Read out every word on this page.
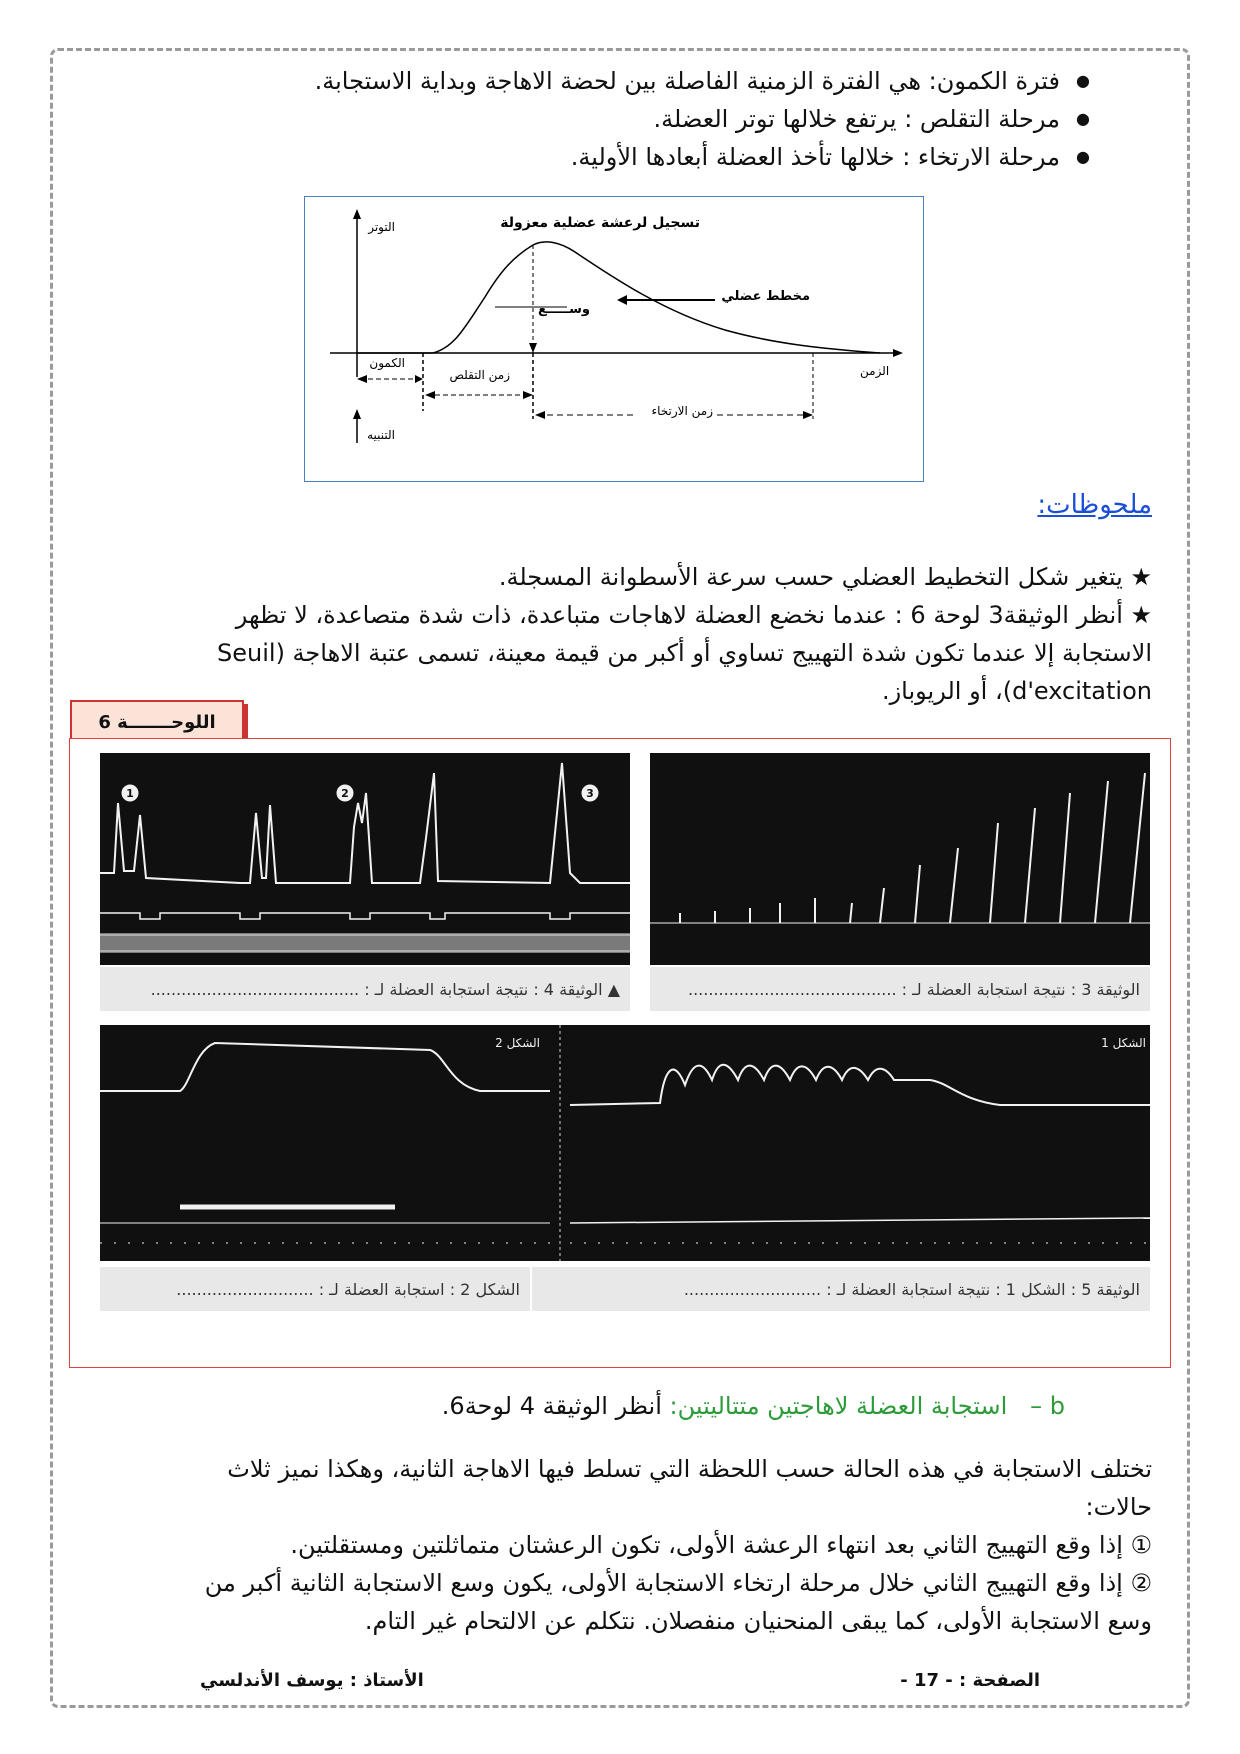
● فترة الكمون: هي الفترة الزمنية الفاصلة بين لحضة الاهاجة وبداية الاستجابة.
● مرحلة التقلص : يرتفع خلالها توتر العضلة.
● مرحلة الارتخاء : خلالها تأخذ العضلة أبعادها الأولية.
تسجيل لرعشة عضلية معزولة
التوتر
الزمن
وســـــع
مخطط عضلي
الكمون
زمن التقلص
زمن الارتخاء
التنبيه
ملحوظات:
★ يتغير شكل التخطيط العضلي حسب سرعة الأسطوانة المسجلة.
★ أنظر الوثيقة3 لوحة 6 : عندما نخضع العضلة لاهاجات متباعدة، ذات شدة متصاعدة، لا تظهر
الاستجابة إلا عندما تكون شدة التهييج تساوي أو أكبر من قيمة معينة، تسمى عتبة الاهاجة (Seuil
d'excitation)، أو الريوباز.
اللوحـــــــة 6
1	2	3
▲ الوثيقة 4 : نتيجة استجابة العضلة لـ : .........................................	الوثيقة 3 : نتيجة استجابة العضلة لـ : .........................................
الشكل 2	الشكل 1
الشكل 2 : استجابة العضلة لـ : ...........................	الوثيقة 5 : الشكل 1 : نتيجة استجابة العضلة لـ : ...........................
b –   استجابة العضلة لاهاجتين متتاليتين: أنظر الوثيقة 4 لوحة6.
تختلف الاستجابة في هذه الحالة حسب اللحظة التي تسلط فيها الاهاجة الثانية، وهكذا نميز ثلاث
حالات:
① إذا وقع التهييج الثاني بعد انتهاء الرعشة الأولى، تكون الرعشتان متماثلتين ومستقلتين.
② إذا وقع التهييج الثاني خلال مرحلة ارتخاء الاستجابة الأولى، يكون وسع الاستجابة الثانية أكبر من
وسع الاستجابة الأولى، كما يبقى المنحنيان منفصلان. نتكلم عن الالتحام غير التام.
الأستاذ : يوسف الأندلسي	الصفحة : - 17 -
